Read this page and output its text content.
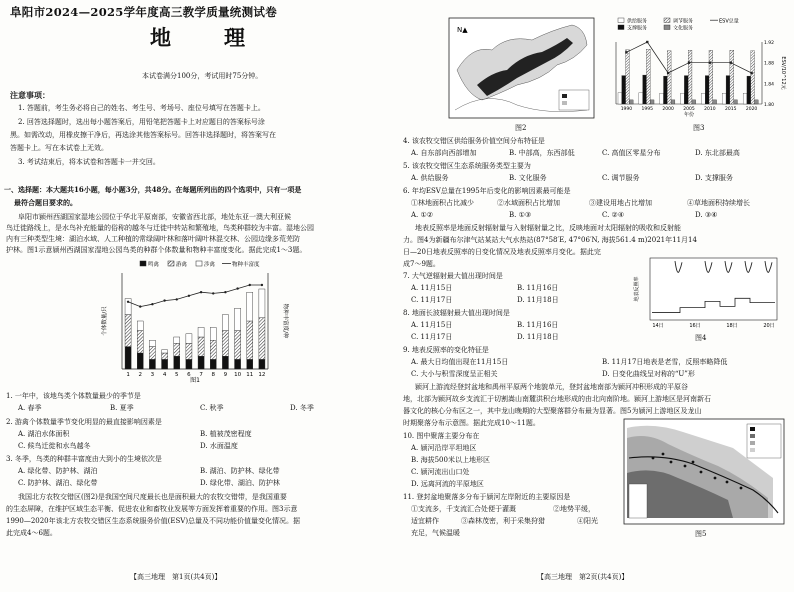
阜阳市2024—2025学年度高三教学质量统测试卷
地　理
本试卷满分100分，考试用时75分钟。
注意事项：
1. 答题前，考生务必将自己的姓名、考生号、考场号、座位号填写在答题卡上。
2. 回答选择题时，选出每小题答案后，用铅笔把答题卡上对应题目的答案标号涂
黑。如需改动，用橡皮擦干净后，再选涂其他答案标号。回答非选择题时，将答案写在
答题卡上。写在本试卷上无效。
3. 考试结束后，将本试卷和答题卡一并交回。
一、选择题：本大题共16小题，每小题3分，共48分。在每题所列出的四个选项中，只有一项是
最符合题目要求的。
阜阳市颍州西湖国家湿地公园位于华北平原南部，安徽省西北部，地处东亚一澳大利亚候
鸟迁徙路线上，是水鸟补充能量的俗称的越冬与迁徙中转站和繁殖地，鸟类种群较为丰富。湿地公园
内有三种类型生境：湖泊水域、人工种植的常绿阔叶林和落叶阔叶林混交林、公园边缘多荒芜防
护林。图1示意颍州西湖国家湿地公园鸟类的种群个体数量和物种丰富度变化。据此完成1～3题。
个体数量/只	物种丰富度/种
鸣禽	游禽	涉禽	物种丰富度
1 2 3 4 5 6 7 8 9 10 11 12
图1
1. 一年中，该地鸟类个体数量最少的季节是
A. 春季	B. 夏季	C. 秋季	D. 冬季
2. 游禽个体数量季节变化明显的最直接影响因素是
A. 湖泊水体面积	B. 植被茂密程度
C. 候鸟迁徙和水鸟越冬	D. 水面温度
3. 冬季，鸟类的种群丰富度由大到小的生境依次是
A. 绿化带、防护林、湖泊	B. 湖泊、防护林、绿化带
C. 防护林、湖泊、绿化带	D. 绿化带、湖泊、防护林
我国北方农牧交错区(图2)是我国空间尺度最长也是面积最大的农牧交错带，是我国重要
的生态屏障，在维护区域生态平衡、促进农业和畜牧业发展等方面发挥着重要的作用。图3示意
1990—2020年该北方农牧交错区生态系统服务价值(ESV)总量及不同功能价值量变化情况。据
此完成4～6题。
【高三地理　第1页(共4页)】
N▲
图2
ESV/10^12元
供给服务
支撑服务
调节服务
文化服务
ESV总量
1.80
1.84
1.88
1.92
1990 1995 2000 2005 2010 2015 2020
年份
图3
4. 该农牧交错区供给服务价值空间分布特征是
A. 自东部向西部增加	B. 中部高，东西部低	C. 高值区零星分布	D. 东北部最高
5. 该农牧交错区生态系统服务类型主要为
A. 供给服务	B. 文化服务	C. 调节服务	D. 支撑服务
6. 年均ESV总量在1995年后变化的影响因素最可能是
①林地面积占比减少	②水域面积占比增加	③建设用地占比增加	④草地面积持续增长
A. ①②	B. ①③	C. ②④	D. ③④
地表反照率是地面反射辐射量与入射辐射量之比，反映地面对太阳辐射的吸收和反射能
力。图4为新疆布尔津气站某站大气水热站(87°58′E, 47°06′N, 海拔561.4 m)2021年11月14
日—20日地表反照率的日变化情况及地表反照率月变化。据此完
成7～9题。
地表反照率
14日	16日	18日	20日
图4
7. 大气逆辐射最大值出现时间是
A. 11月15日	B. 11月16日
C. 11月17日	D. 11月18日
8. 地面长波辐射最大值出现时间是
A. 11月15日	B. 11月16日
C. 11月17日	D. 11月18日
9. 地表反照率的变化特征是
A. 最大日均值出现在11月15日	B. 11月17日地表是老雪，反照率略降低
C. 大小与积雪深度呈正相关	D. 日变化曲线呈对称的“U”形
颍河上游流经登封盆地和禹州平原两个地貌单元，登封盆地南部为颍河冲积形成的平原谷
地，北部为颍河故乡支流汇于切割嵩山南麓洪积台地形成的由北向南阶地。颍河上游地区是河南新石
器文化的核心分布区之一，其中龙山晚期的大型聚落群分布最为显著。图5为颍河上游地区及龙山
时期聚落分布示意图。据此完成10～11题。
10. 图中聚落主要分布在
A. 颍河沿岸平坦地区
B. 海拔500米以上地形区
C. 颍河流出山口处
D. 远离河流的平原地区
11. 登封盆地聚落多分布于颍河左岸附近的主要原因是
①支流多，千支流汇合处便于灌溉	②地势平缓，
适宜耕作	③森林茂密，利于采集狩猎	④阳光
充足，气候温暖	图5
【高三地理　第2页(共4页)】
